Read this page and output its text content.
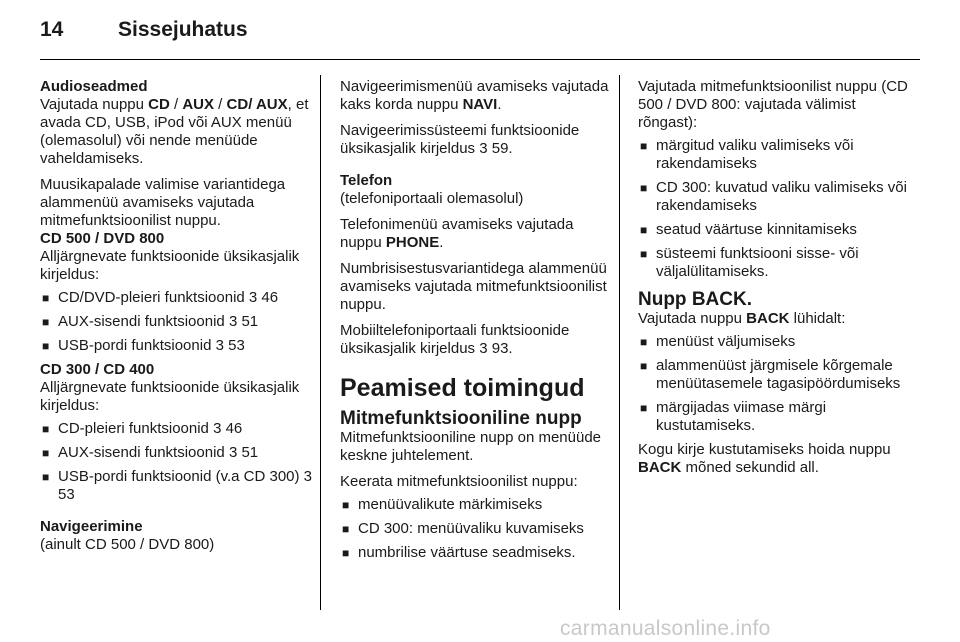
14	Sissejuhatus

Audioseadmed

Vajutada nuppu CD / AUX / CD/ AUX, et avada CD, USB, iPod või AUX menüü (olemasolul) või nende menüüde vaheldamiseks.

Muusikapalade valimise variantidega alammenüü avamiseks vajutada mitmefunktsioonilist nuppu.

CD 500 / DVD 800

Alljärgnevate funktsioonide üksikasjalik kirjeldus:

■ CD/DVD-pleieri funktsioonid 3 46
■ AUX-sisendi funktsioonid 3 51
■ USB-pordi funktsioonid 3 53

CD 300 / CD 400

Alljärgnevate funktsioonide üksikasjalik kirjeldus:

■ CD-pleieri funktsioonid 3 46
■ AUX-sisendi funktsioonid 3 51
■ USB-pordi funktsioonid (v.a CD 300) 3 53

Navigeerimine

(ainult CD 500 / DVD 800)

Navigeerimismenüü avamiseks vajutada kaks korda nuppu NAVI.

Navigeerimissüsteemi funktsioonide üksikasjalik kirjeldus 3 59.

Telefon

(telefoniportaali olemasolul)

Telefonimenüü avamiseks vajutada nuppu PHONE.

Numbrisisestusvariantidega alammenüü avamiseks vajutada mitmefunktsioonilist nuppu.

Mobiiltelefoniportaali funktsioonide üksikasjalik kirjeldus 3 93.

Peamised toimingud

Mitmefunktsiooniline nupp

Mitmefunktsiooniline nupp on menüüde keskne juhtelement.

Keerata mitmefunktsioonilist nuppu:

■ menüüvalikute märkimiseks
■ CD 300: menüüvaliku kuvamiseks
■ numbrilise väärtuse seadmiseks.

Vajutada mitmefunktsioonilist nuppu (CD 500 / DVD 800: vajutada välimist rõngast):

■ märgitud valiku valimiseks või rakendamiseks
■ CD 300: kuvatud valiku valimiseks või rakendamiseks
■ seatud väärtuse kinnitamiseks
■ süsteemi funktsiooni sisse- või väljalülitamiseks.

Nupp BACK.

Vajutada nuppu BACK lühidalt:

■ menüüst väljumiseks
■ alammenüüst järgmisele kõrgemale menüütasemele tagasipöördumiseks
■ märgijadas viimase märgi kustutamiseks.

Kogu kirje kustutamiseks hoida nuppu BACK mõned sekundid all.

carmanualsonline.info
